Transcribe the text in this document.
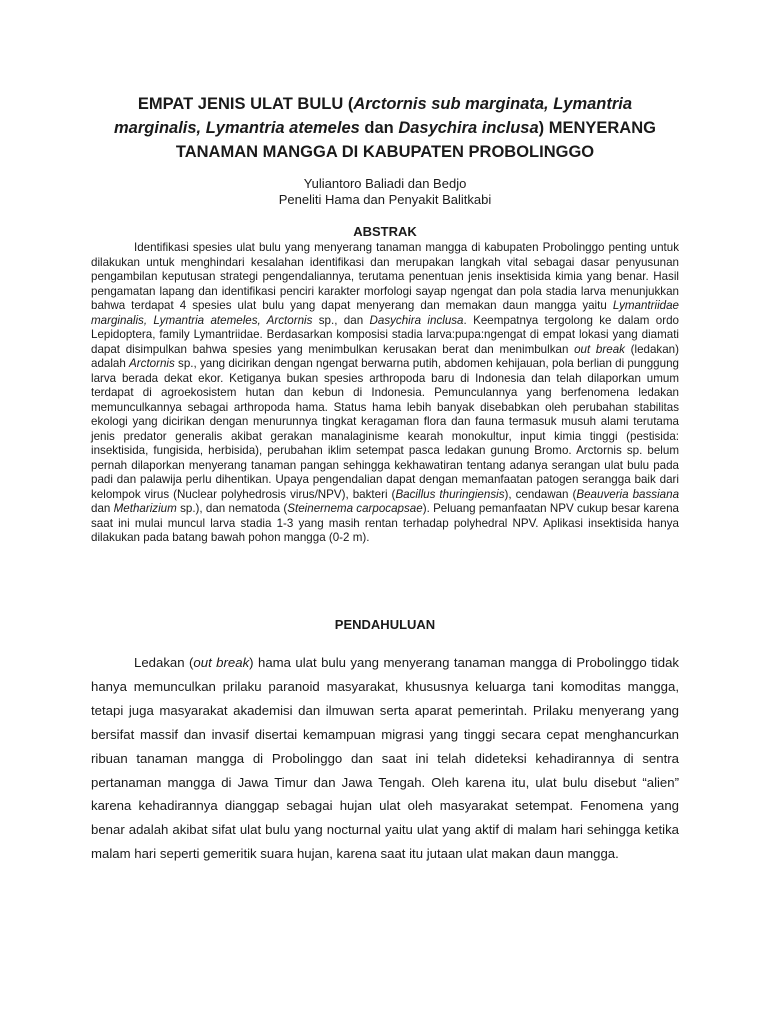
EMPAT JENIS ULAT BULU (Arctornis sub marginata, Lymantria
marginalis, Lymantria atemeles dan Dasychira inclusa) MENYERANG
TANAMAN MANGGA DI KABUPATEN PROBOLINGGO
Yuliantoro Baliadi dan Bedjo
Peneliti Hama dan Penyakit Balitkabi
ABSTRAK

Identifikasi spesies ulat bulu yang menyerang tanaman mangga di kabupaten Probolinggo penting untuk dilakukan untuk menghindari kesalahan identifikasi dan merupakan langkah vital sebagai dasar penyusunan pengambilan keputusan strategi pengendaliannya, terutama penentuan jenis insektisida kimia yang benar. Hasil pengamatan lapang dan identifikasi penciri karakter morfologi sayap ngengat dan pola stadia larva menunjukkan bahwa terdapat 4 spesies ulat bulu yang dapat menyerang dan memakan daun mangga yaitu Lymantriidae marginalis, Lymantria atemeles, Arctornis sp., dan Dasychira inclusa. Keempatnya tergolong ke dalam ordo Lepidoptera, family Lymantriidae. Berdasarkan komposisi stadia larva:pupa:ngengat di empat lokasi yang diamati dapat disimpulkan bahwa spesies yang menimbulkan kerusakan berat dan menimbulkan out break (ledakan) adalah Arctornis sp., yang dicirikan dengan ngengat berwarna putih, abdomen kehijauan, pola berlian di punggung larva berada dekat ekor. Ketiganya bukan spesies arthropoda baru di Indonesia dan telah dilaporkan umum terdapat di agroekosistem hutan dan kebun di Indonesia. Pemunculannya yang berfenomena ledakan memunculkannya sebagai arthropoda hama. Status hama lebih banyak disebabkan oleh perubahan stabilitas ekologi yang dicirikan dengan menurunnya tingkat keragaman flora dan fauna termasuk musuh alami terutama jenis predator generalis akibat gerakan manalaginisme kearah monokultur, input kimia tinggi (pestisida: insektisida, fungisida, herbisida), perubahan iklim setempat pasca ledakan gunung Bromo. Arctornis sp. belum pernah dilaporkan menyerang tanaman pangan sehingga kekhawatiran tentang adanya serangan ulat bulu pada padi dan palawija perlu dihentikan. Upaya pengendalian dapat dengan memanfaatan patogen serangga baik dari kelompok virus (Nuclear polyhedrosis virus/NPV), bakteri (Bacillus thuringiensis), cendawan (Beauveria bassiana dan Metharizium sp.), dan nematoda (Steinernema carpocapsae). Peluang pemanfaatan NPV cukup besar karena saat ini mulai muncul larva stadia 1-3 yang masih rentan terhadap polyhedral NPV. Aplikasi insektisida hanya dilakukan pada batang bawah pohon mangga (0-2 m).

PENDAHULUAN

Ledakan (out break) hama ulat bulu yang menyerang tanaman mangga di Probolinggo tidak hanya memunculkan prilaku paranoid masyarakat, khususnya keluarga tani komoditas mangga, tetapi juga masyarakat akademisi dan ilmuwan serta aparat pemerintah. Prilaku menyerang yang bersifat massif dan invasif disertai kemampuan migrasi yang tinggi secara cepat menghancurkan ribuan tanaman mangga di Probolinggo dan saat ini telah dideteksi kehadirannya di sentra pertanaman mangga di Jawa Timur dan Jawa Tengah. Oleh karena itu, ulat bulu disebut “alien” karena kehadirannya dianggap sebagai hujan ulat oleh masyarakat setempat. Fenomena yang benar adalah akibat sifat ulat bulu yang nocturnal yaitu ulat yang aktif di malam hari sehingga ketika malam hari seperti gemeritik suara hujan, karena saat itu jutaan ulat makan daun mangga.
